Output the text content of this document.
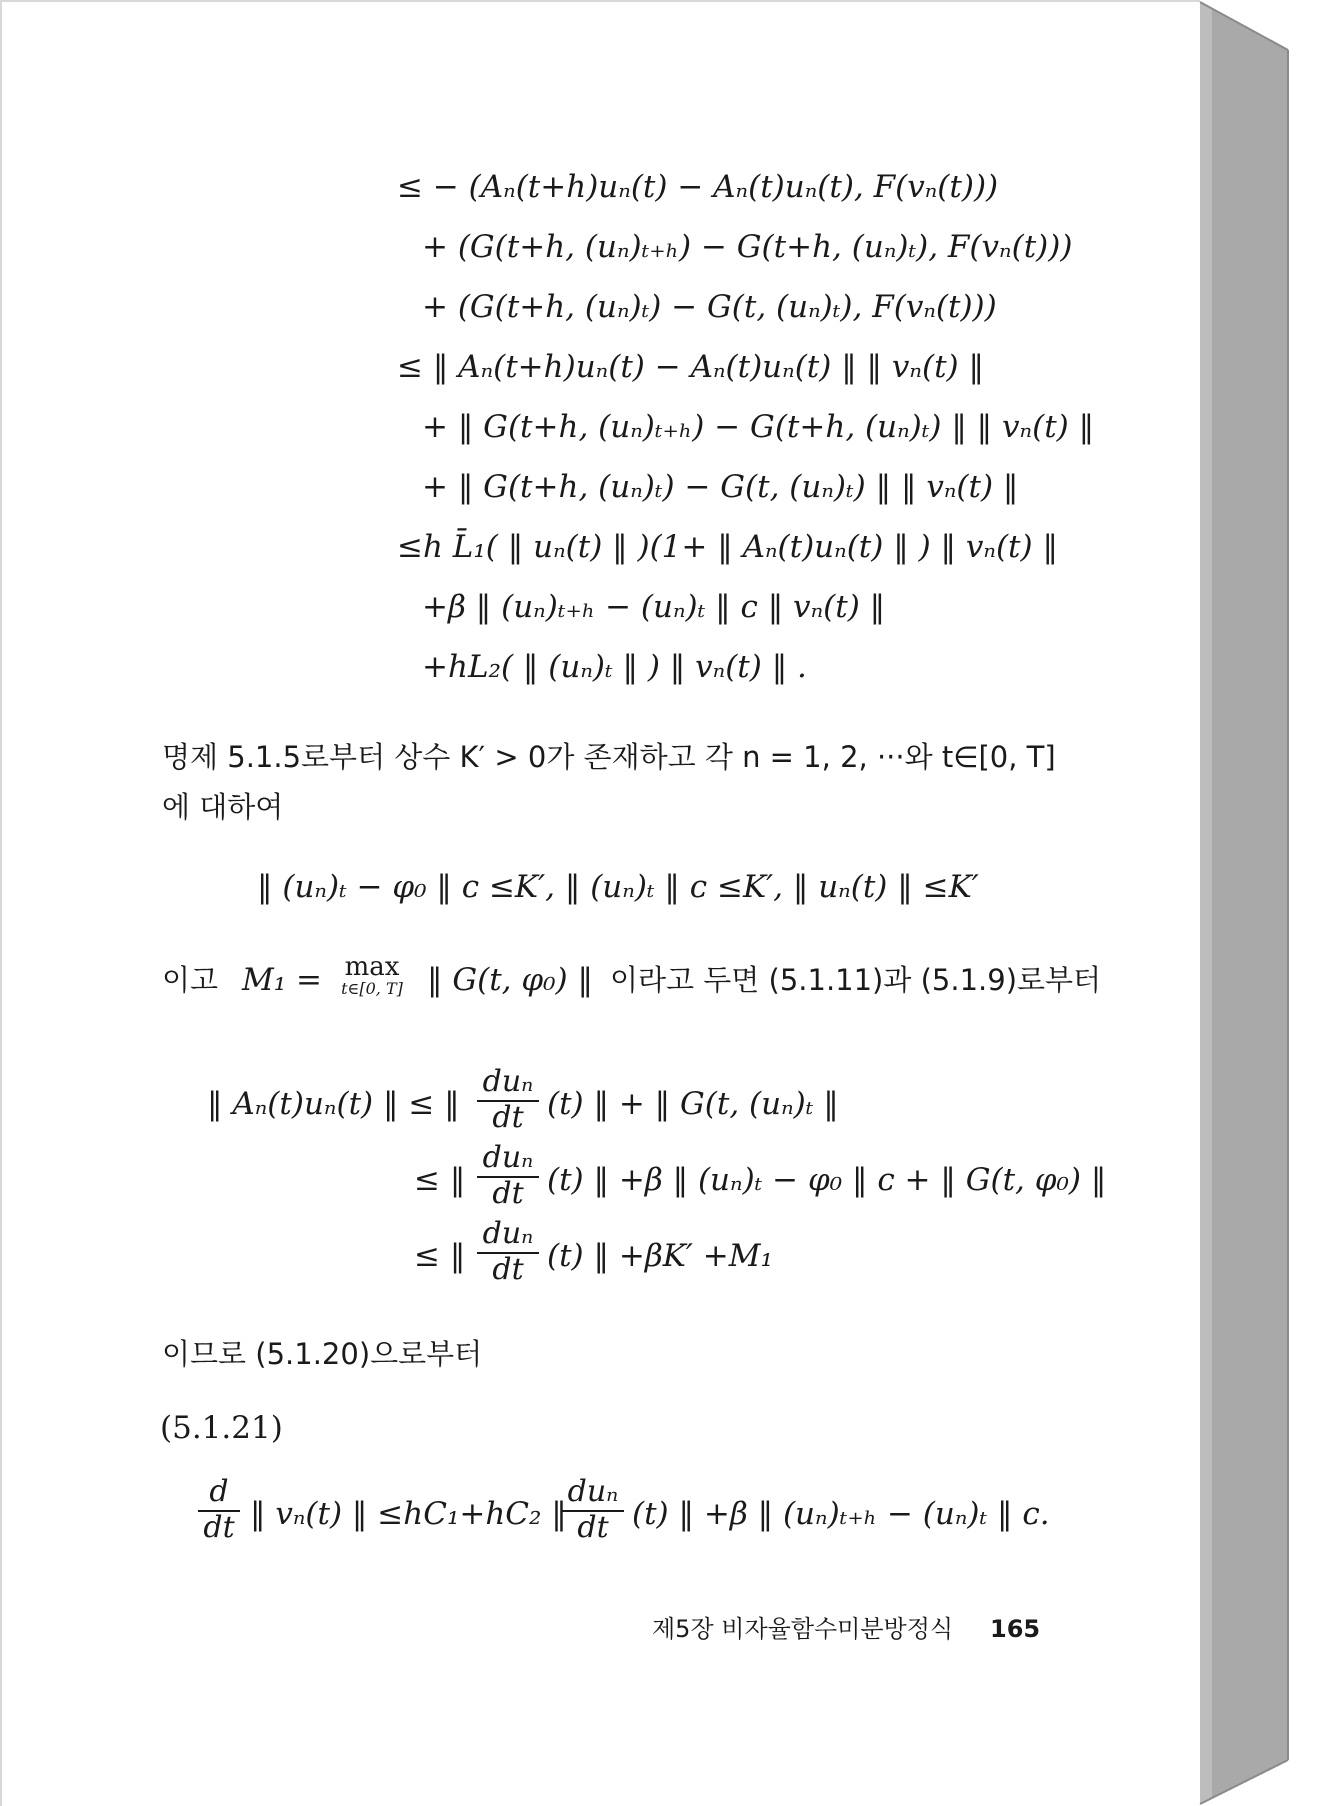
≤ − (Aₙ(t+h)uₙ(t) − Aₙ(t)uₙ(t), F(vₙ(t)))
+ (G(t+h, (uₙ)ₜ₊ₕ) − G(t+h, (uₙ)ₜ), F(vₙ(t)))
+ (G(t+h, (uₙ)ₜ) − G(t, (uₙ)ₜ), F(vₙ(t)))
≤ ‖ Aₙ(t+h)uₙ(t) − Aₙ(t)uₙ(t) ‖ ‖ vₙ(t) ‖
+ ‖ G(t+h, (uₙ)ₜ₊ₕ) − G(t+h, (uₙ)ₜ) ‖ ‖ vₙ(t) ‖
+ ‖ G(t+h, (uₙ)ₜ) − G(t, (uₙ)ₜ) ‖ ‖ vₙ(t) ‖
≤h L̄₁( ‖ uₙ(t) ‖ )(1+ ‖ Aₙ(t)uₙ(t) ‖ ) ‖ vₙ(t) ‖
+β ‖ (uₙ)ₜ₊ₕ − (uₙ)ₜ ‖ ᴄ ‖ vₙ(t) ‖
+hL₂( ‖ (uₙ)ₜ ‖ ) ‖ vₙ(t) ‖ .
명제 5.1.5로부터 상수 K′ > 0가 존재하고 각 n = 1, 2, ···와 t∈[0, T]
에 대하여
‖ (uₙ)ₜ − φ₀ ‖ ᴄ ≤K′, ‖ (uₙ)ₜ ‖ ᴄ ≤K′, ‖ uₙ(t) ‖ ≤K′
이고 M₁ = max
t∈[0, T] ‖ G(t, φ₀) ‖ 이라고 두면 (5.1.11)과 (5.1.9)로부터
‖ Aₙ(t)uₙ(t) ‖ ≤ ‖
duₙ
dt (t) ‖ + ‖ G(t, (uₙ)ₜ ‖
≤ ‖
duₙ
dt (t) ‖ +β ‖ (uₙ)ₜ − φ₀ ‖ ᴄ + ‖ G(t, φ₀) ‖
≤ ‖
duₙ
dt (t) ‖ +βK′ +M₁
이므로 (5.1.20)으로부터
(5.1.21)
$\frac{d}{dt}$ ‖ vₙ(t) ‖ ≤hC₁+hC₂ ‖
duₙ
dt (t) ‖ +β ‖ (uₙ)ₜ₊ₕ − (uₙ)ₜ ‖ ᴄ.
제5장 비자율함수미분방정식 165
